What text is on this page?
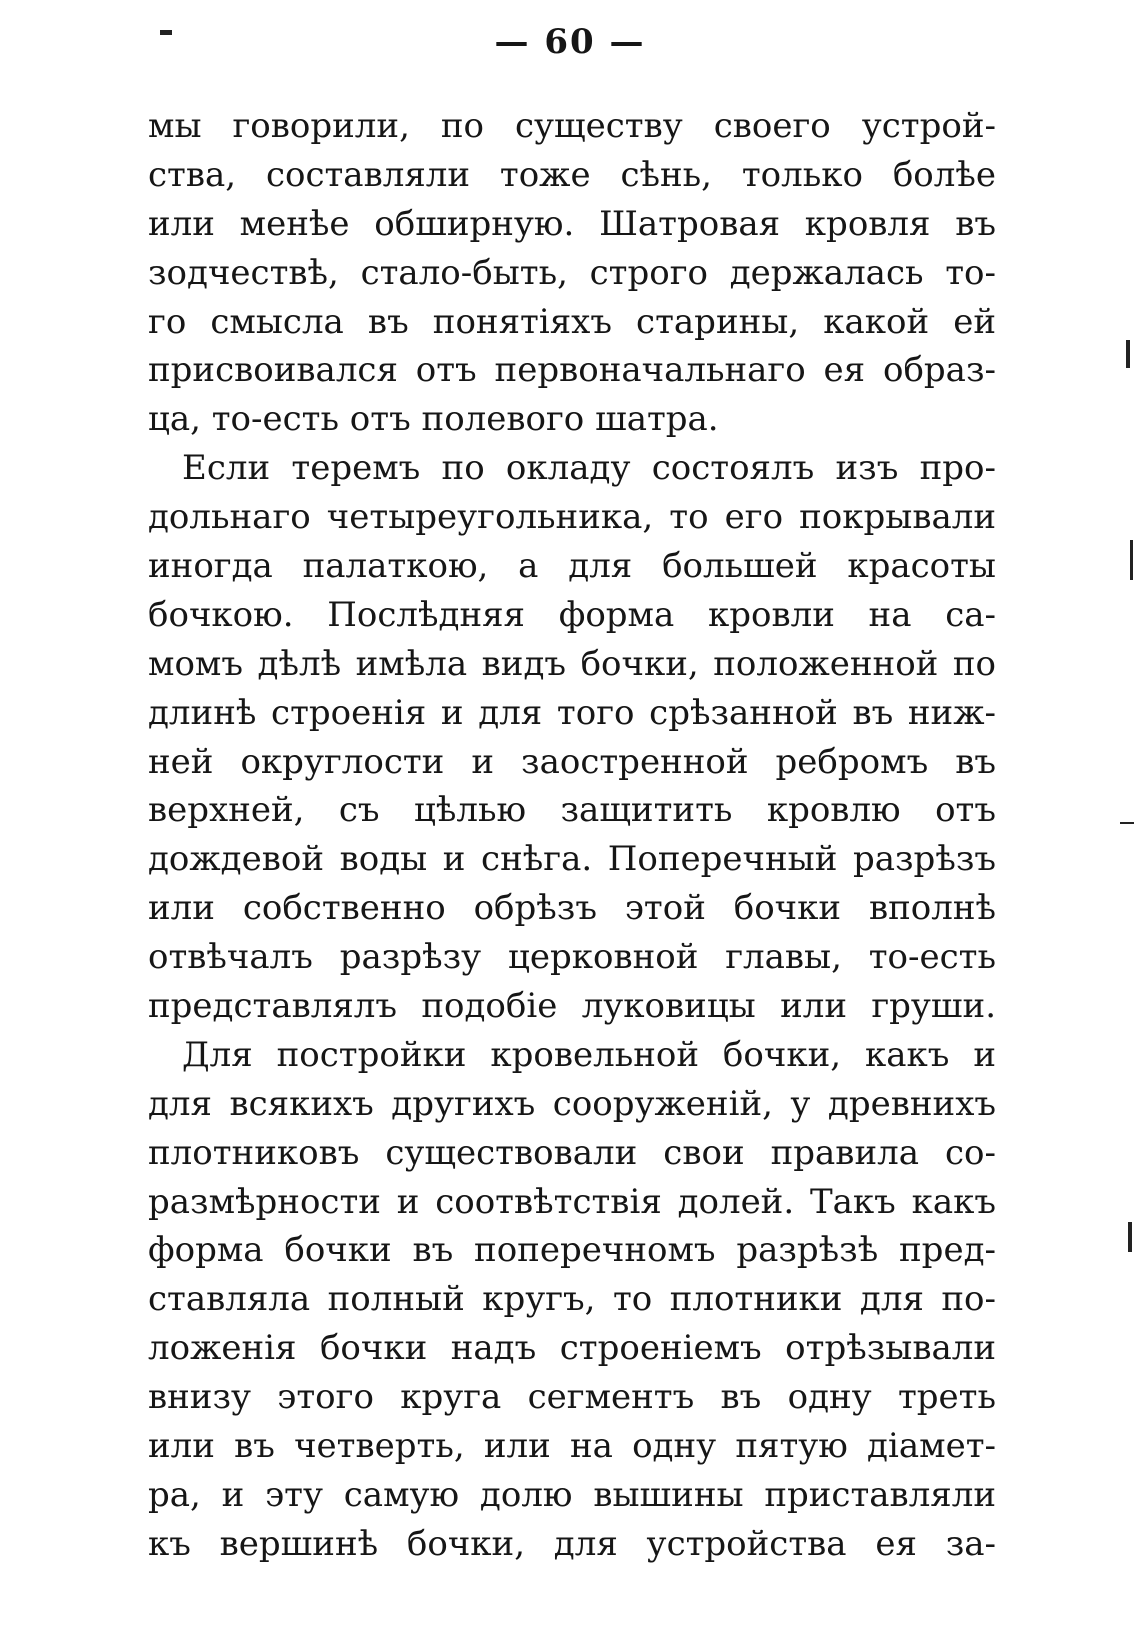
— 60 —
мы говорили, по существу своего устрой-
ства, составляли тоже сѣнь, только болѣе
или менѣе обширную. Шатровая кровля въ
зодчествѣ, стало-быть, строго держалась то-
го смысла въ понятіяхъ старины, какой ей
присвоивался отъ первоначальнаго ея образ-
ца, то-есть отъ полевого шатра.
Если теремъ по окладу состоялъ изъ про-
дольнаго четыреугольника, то его покрывали
иногда палаткою, а для большей красоты
бочкою. Послѣдняя форма кровли на са-
момъ дѣлѣ имѣла видъ бочки, положенной по
длинѣ строенія и для того срѣзанной въ ниж-
ней округлости и заостренной ребромъ въ
верхней, съ цѣлью защитить кровлю отъ
дождевой воды и снѣга. Поперечный разрѣзъ
или собственно обрѣзъ этой бочки вполнѣ
отвѣчалъ разрѣзу церковной главы, то-есть
представлялъ подобіе луковицы или груши.
Для постройки кровельной бочки, какъ и
для всякихъ другихъ сооруженій, у древнихъ
плотниковъ существовали свои правила со-
размѣрности и соотвѣтствія долей. Такъ какъ
форма бочки въ поперечномъ разрѣзѣ пред-
ставляла полный кругъ, то плотники для по-
ложенія бочки надъ строеніемъ отрѣзывали
внизу этого круга сегментъ въ одну треть
или въ четверть, или на одну пятую діамет-
ра, и эту самую долю вышины приставляли
къ вершинѣ бочки, для устройства ея за-
